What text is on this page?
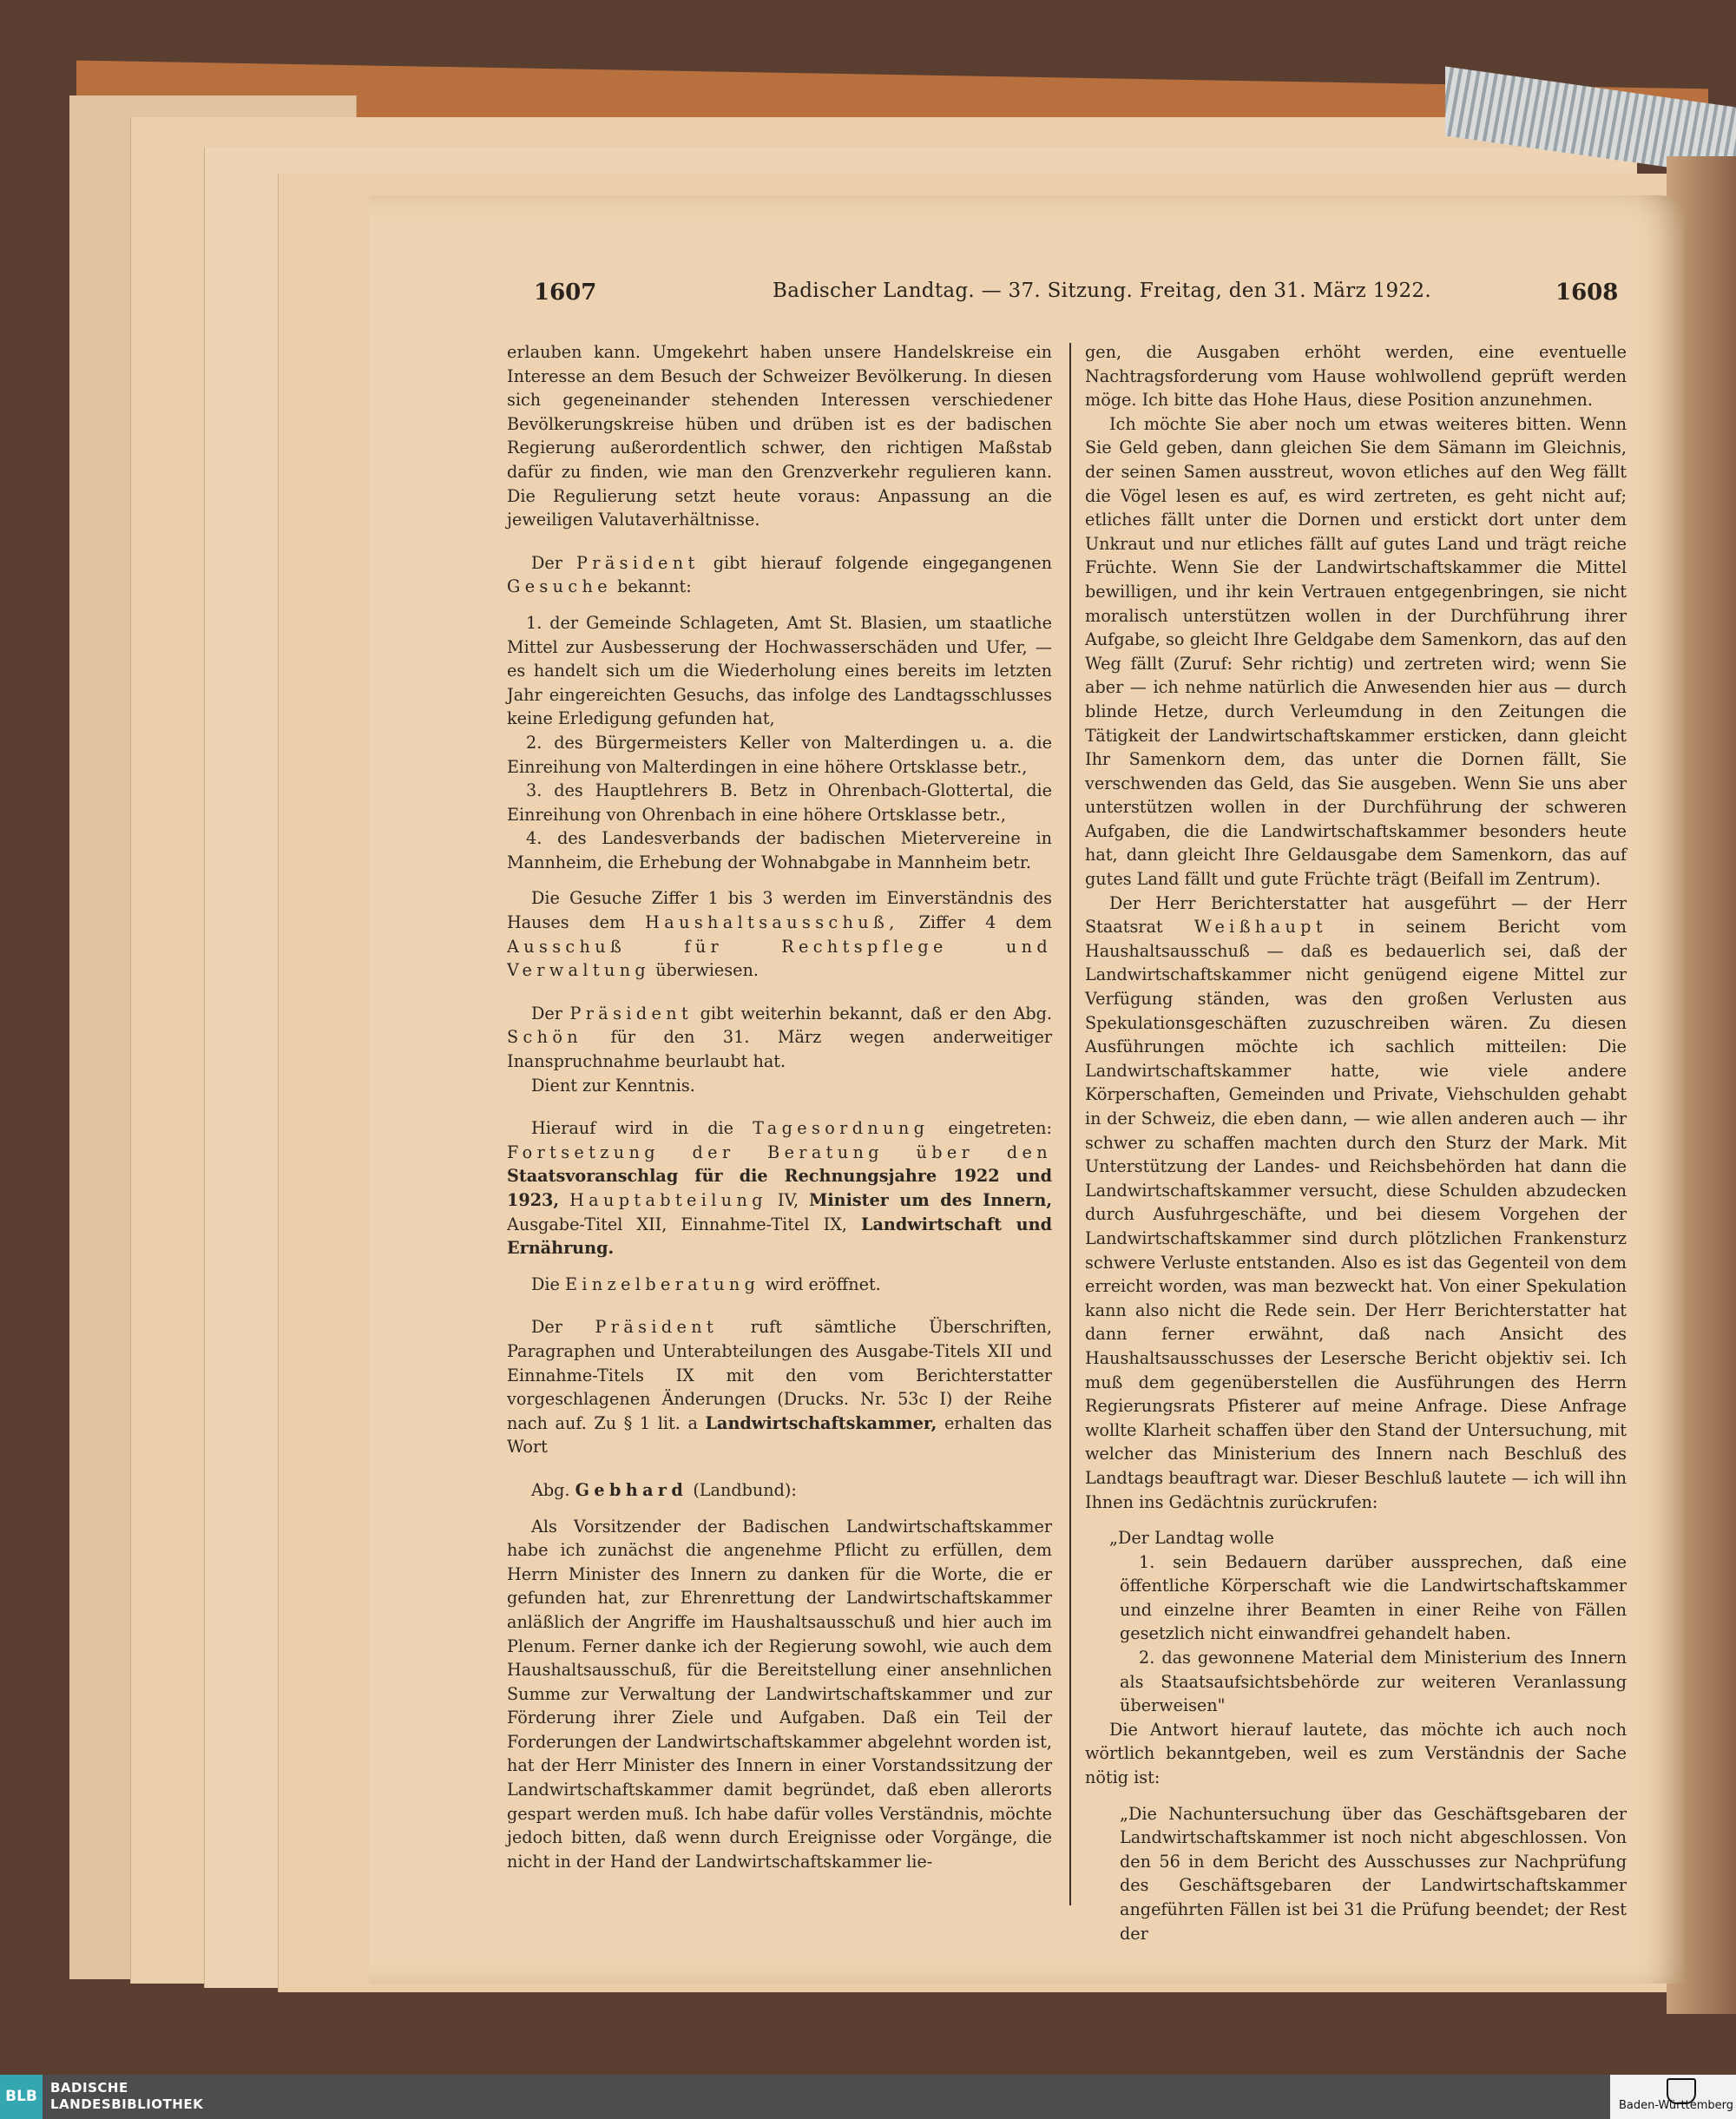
1607	Badischer Landtag. — 37. Sitzung. Freitag, den 31. März 1922.	1608

erlauben kann. Umgekehrt haben unsere Handelskreise ein Interesse an dem Besuch der Schweizer Bevölkerung. In diesen sich gegeneinander stehenden Interessen verschiedener Bevölkerungskreise hüben und drüben ist es der badischen Regierung außerordentlich schwer, den richtigen Maßstab dafür zu finden, wie man den Grenzverkehr regulieren kann. Die Regulierung setzt heute voraus: Anpassung an die jeweiligen Valutaverhältnisse.

Der Präsident gibt hierauf folgende eingegangenen Gesuche bekannt:

1. der Gemeinde Schlageten, Amt St. Blasien, um staatliche Mittel zur Ausbesserung der Hochwasserschäden und Ufer, — es handelt sich um die Wiederholung eines bereits im letzten Jahr eingereichten Gesuchs, das infolge des Landtagsschlusses keine Erledigung gefunden hat,

2. des Bürgermeisters Keller von Malterdingen u. a. die Einreihung von Malterdingen in eine höhere Ortsklasse betr.,

3. des Hauptlehrers B. Betz in Ohrenbach-Glottertal, die Einreihung von Ohrenbach in eine höhere Ortsklasse betr.,

4. des Landesverbands der badischen Mietervereine in Mannheim, die Erhebung der Wohnabgabe in Mannheim betr.

Die Gesuche Ziffer 1 bis 3 werden im Einverständnis des Hauses dem Haushaltsausschuß, Ziffer 4 dem Ausschuß für Rechtspflege und Verwaltung überwiesen.

Der Präsident gibt weiterhin bekannt, daß er den Abg. Schön für den 31. März wegen anderweitiger Inanspruchnahme beurlaubt hat.

Dient zur Kenntnis.

Hierauf wird in die Tagesordnung eingetreten: Fortsetzung der Beratung über den Staatsvoranschlag für die Rechnungsjahre 1922 und 1923, Hauptabteilung IV, Minister um des Innern, Ausgabe-Titel XII, Einnahme-Titel IX, Landwirtschaft und Ernährung.

Die Einzelberatung wird eröffnet.

Der Präsident ruft sämtliche Überschriften, Paragraphen und Unterabteilungen des Ausgabe-Titels XII und Einnahme-Titels IX mit den vom Berichterstatter vorgeschlagenen Änderungen (Drucks. Nr. 53c I) der Reihe nach auf. Zu § 1 lit. a Landwirtschaftskammer, erhalten das Wort

Abg. Gebhard (Landbund):

Als Vorsitzender der Badischen Landwirtschaftskammer habe ich zunächst die angenehme Pflicht zu erfüllen, dem Herrn Minister des Innern zu danken für die Worte, die er gefunden hat, zur Ehrenrettung der Landwirtschaftskammer anläßlich der Angriffe im Haushaltsausschuß und hier auch im Plenum. Ferner danke ich der Regierung sowohl, wie auch dem Haushaltsausschuß, für die Bereitstellung einer ansehnlichen Summe zur Verwaltung der Landwirtschaftskammer und zur Förderung ihrer Ziele und Aufgaben. Daß ein Teil der Forderungen der Landwirtschaftskammer abgelehnt worden ist, hat der Herr Minister des Innern in einer Vorstandssitzung der Landwirtschaftskammer damit begründet, daß eben allerorts gespart werden muß. Ich habe dafür volles Verständnis, möchte jedoch bitten, daß wenn durch Ereignisse oder Vorgänge, die nicht in der Hand der Landwirtschaftskammer lie-

gen, die Ausgaben erhöht werden, eine eventuelle Nachtragsforderung vom Hause wohlwollend geprüft werden möge. Ich bitte das Hohe Haus, diese Position anzunehmen.

Ich möchte Sie aber noch um etwas weiteres bitten. Wenn Sie Geld geben, dann gleichen Sie dem Sämann im Gleichnis, der seinen Samen ausstreut, wovon etliches auf den Weg fällt die Vögel lesen es auf, es wird zertreten, es geht nicht auf; etliches fällt unter die Dornen und erstickt dort unter dem Unkraut und nur etliches fällt auf gutes Land und trägt reiche Früchte. Wenn Sie der Landwirtschaftskammer die Mittel bewilligen, und ihr kein Vertrauen entgegenbringen, sie nicht moralisch unterstützen wollen in der Durchführung ihrer Aufgabe, so gleicht Ihre Geldgabe dem Samenkorn, das auf den Weg fällt (Zuruf: Sehr richtig) und zertreten wird; wenn Sie aber — ich nehme natürlich die Anwesenden hier aus — durch blinde Hetze, durch Verleumdung in den Zeitungen die Tätigkeit der Landwirtschaftskammer ersticken, dann gleicht Ihr Samenkorn dem, das unter die Dornen fällt, Sie verschwenden das Geld, das Sie ausgeben. Wenn Sie uns aber unterstützen wollen in der Durchführung der schweren Aufgaben, die die Landwirtschaftskammer besonders heute hat, dann gleicht Ihre Geldausgabe dem Samenkorn, das auf gutes Land fällt und gute Früchte trägt (Beifall im Zentrum).

Der Herr Berichterstatter hat ausgeführt — der Herr Staatsrat Weißhaupt in seinem Bericht vom Haushaltsausschuß — daß es bedauerlich sei, daß der Landwirtschaftskammer nicht genügend eigene Mittel zur Verfügung ständen, was den großen Verlusten aus Spekulationsgeschäften zuzuschreiben wären. Zu diesen Ausführungen möchte ich sachlich mitteilen: Die Landwirtschaftskammer hatte, wie viele andere Körperschaften, Gemeinden und Private, Viehschulden gehabt in der Schweiz, die eben dann, — wie allen anderen auch — ihr schwer zu schaffen machten durch den Sturz der Mark. Mit Unterstützung der Landes- und Reichsbehörden hat dann die Landwirtschaftskammer versucht, diese Schulden abzudecken durch Ausfuhrgeschäfte, und bei diesem Vorgehen der Landwirtschaftskammer sind durch plötzlichen Frankensturz schwere Verluste entstanden. Also es ist das Gegenteil von dem erreicht worden, was man bezweckt hat. Von einer Spekulation kann also nicht die Rede sein. Der Herr Berichterstatter hat dann ferner erwähnt, daß nach Ansicht des Haushaltsausschusses der Lesersche Bericht objektiv sei. Ich muß dem gegenüberstellen die Ausführungen des Herrn Regierungsrats Pfisterer auf meine Anfrage. Diese Anfrage wollte Klarheit schaffen über den Stand der Untersuchung, mit welcher das Ministerium des Innern nach Beschluß des Landtags beauftragt war. Dieser Beschluß lautete — ich will ihn Ihnen ins Gedächtnis zurückrufen:

„Der Landtag wolle

1. sein Bedauern darüber aussprechen, daß eine öffentliche Körperschaft wie die Landwirtschaftskammer und einzelne ihrer Beamten in einer Reihe von Fällen gesetzlich nicht einwandfrei gehandelt haben.

2. das gewonnene Material dem Ministerium des Innern als Staatsaufsichtsbehörde zur weiteren Veranlassung überweisen"

Die Antwort hierauf lautete, das möchte ich auch noch wörtlich bekanntgeben, weil es zum Verständnis der Sache nötig ist:

„Die Nachuntersuchung über das Geschäftsgebaren der Landwirtschaftskammer ist noch nicht abgeschlossen. Von den 56 in dem Bericht des Ausschusses zur Nachprüfung des Geschäftsgebaren der Landwirtschaftskammer angeführten Fällen ist bei 31 die Prüfung beendet; der Rest der

BLB	BADISCHE
LANDESBIBLIOTHEK	Baden-Württemberg
